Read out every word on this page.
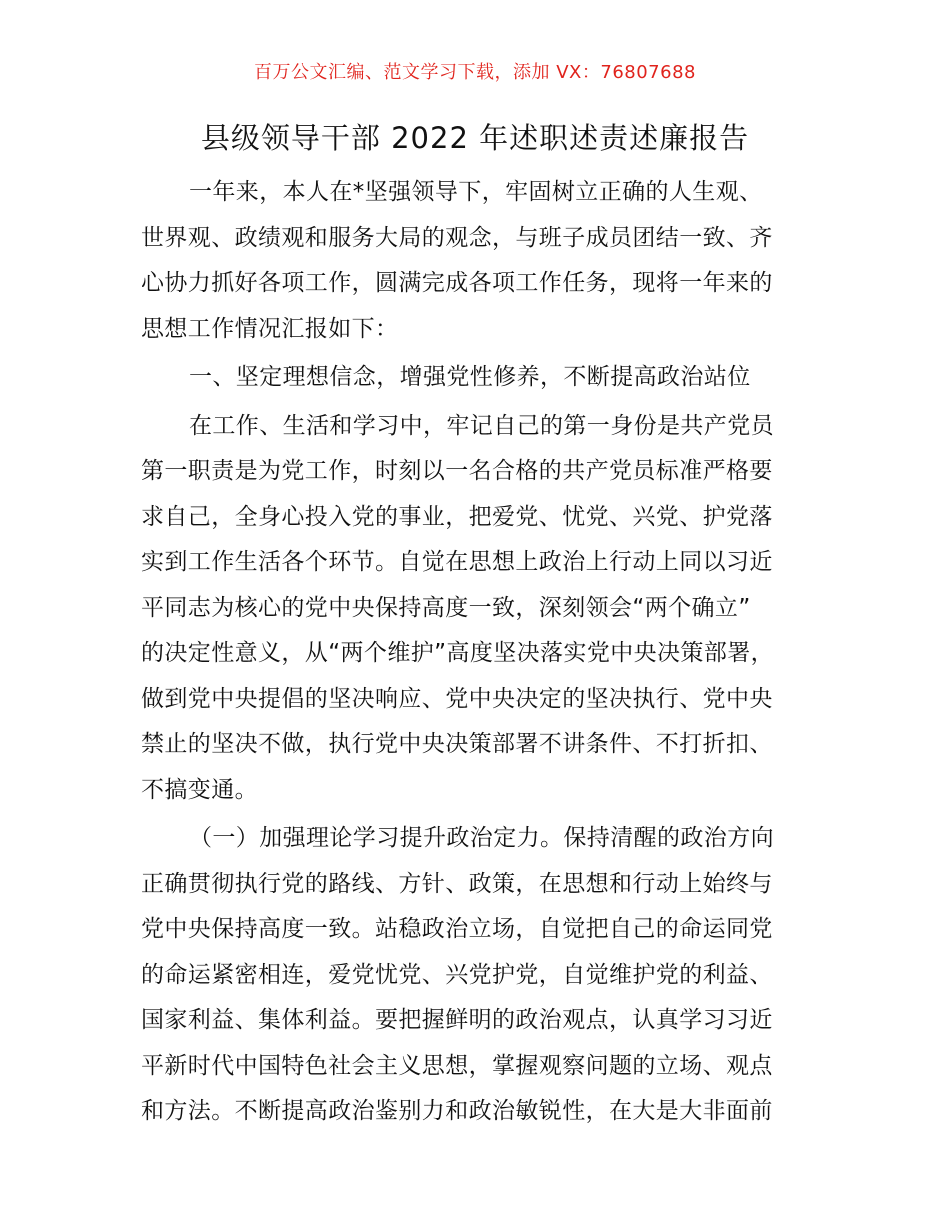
百万公文汇编、范文学习下载，添加 VX：76807688
县级领导干部 2022 年述职述责述廉报告
一年来，本人在*坚强领导下，牢固树立正确的人生观、
世界观、政绩观和服务大局的观念，与班子成员团结一致、齐
心协力抓好各项工作，圆满完成各项工作任务，现将一年来的
思想工作情况汇报如下：
一、坚定理想信念，增强党性修养，不断提高政治站位
在工作、生活和学习中，牢记自己的第一身份是共产党员
第一职责是为党工作，时刻以一名合格的共产党员标准严格要
求自己，全身心投入党的事业，把爱党、忧党、兴党、护党落
实到工作生活各个环节。自觉在思想上政治上行动上同以习近
平同志为核心的党中央保持高度一致，深刻领会“两个确立”
的决定性意义，从“两个维护”高度坚决落实党中央决策部署，
做到党中央提倡的坚决响应、党中央决定的坚决执行、党中央
禁止的坚决不做，执行党中央决策部署不讲条件、不打折扣、
不搞变通。
（一）加强理论学习提升政治定力。保持清醒的政治方向
正确贯彻执行党的路线、方针、政策，在思想和行动上始终与
党中央保持高度一致。站稳政治立场，自觉把自己的命运同党
的命运紧密相连，爱党忧党、兴党护党，自觉维护党的利益、
国家利益、集体利益。要把握鲜明的政治观点，认真学习习近
平新时代中国特色社会主义思想，掌握观察问题的立场、观点
和方法。不断提高政治鉴别力和政治敏锐性，在大是大非面前
